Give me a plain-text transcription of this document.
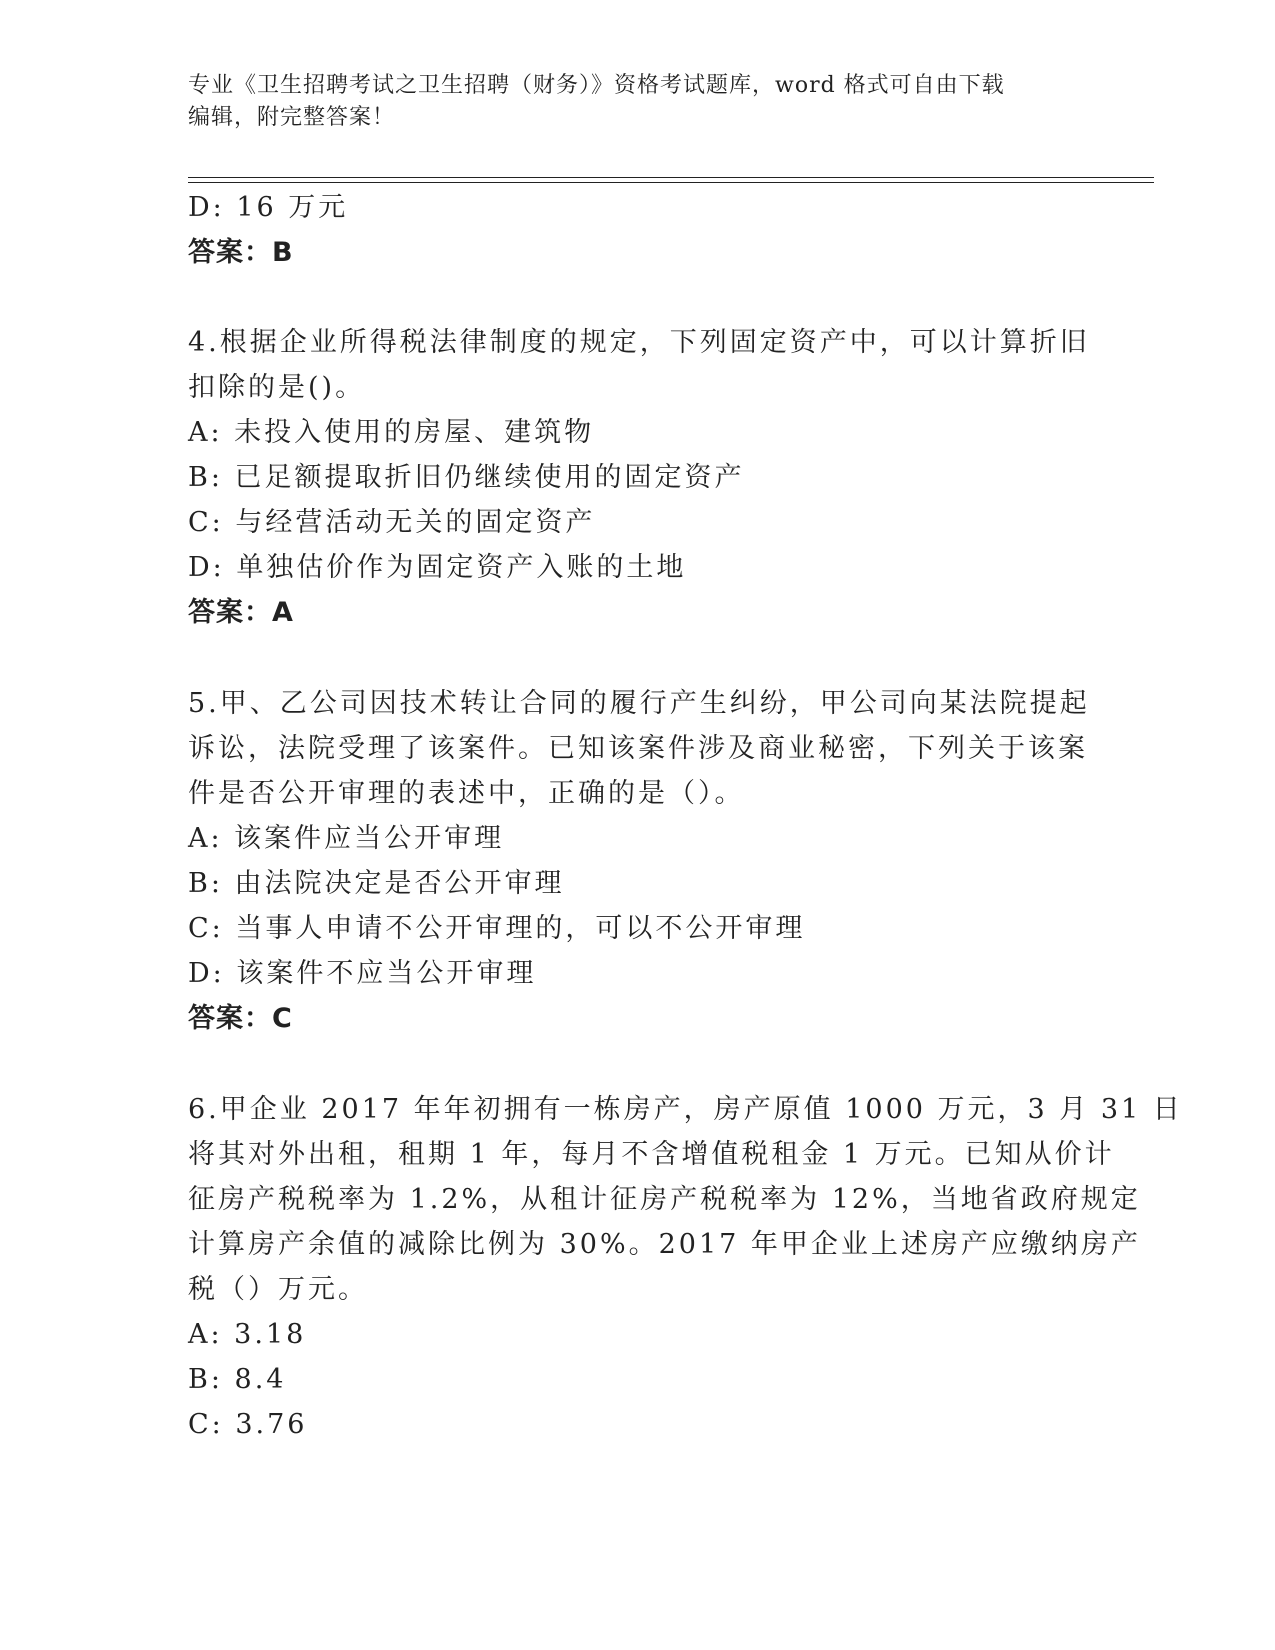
专业《卫生招聘考试之卫生招聘（财务）》资格考试题库，word 格式可自由下载
编辑，附完整答案！
D: 16 万元
答案：B
4.根据企业所得税法律制度的规定，下列固定资产中，可以计算折旧
扣除的是()。
A: 未投入使用的房屋、建筑物
B: 已足额提取折旧仍继续使用的固定资产
C: 与经营活动无关的固定资产
D: 单独估价作为固定资产入账的土地
答案：A
5.甲、乙公司因技术转让合同的履行产生纠纷，甲公司向某法院提起
诉讼，法院受理了该案件。已知该案件涉及商业秘密，下列关于该案
件是否公开审理的表述中，正确的是（）。
A: 该案件应当公开审理
B: 由法院决定是否公开审理
C: 当事人申请不公开审理的，可以不公开审理
D: 该案件不应当公开审理
答案：C
6.甲企业 2017 年年初拥有一栋房产，房产原值 1000 万元，3 月 31 日
将其对外出租，租期 1 年，每月不含增值税租金 1 万元。已知从价计
征房产税税率为 1.2%，从租计征房产税税率为 12%，当地省政府规定
计算房产余值的减除比例为 30%。2017 年甲企业上述房产应缴纳房产
税（）万元。
A: 3.18
B: 8.4
C: 3.76
